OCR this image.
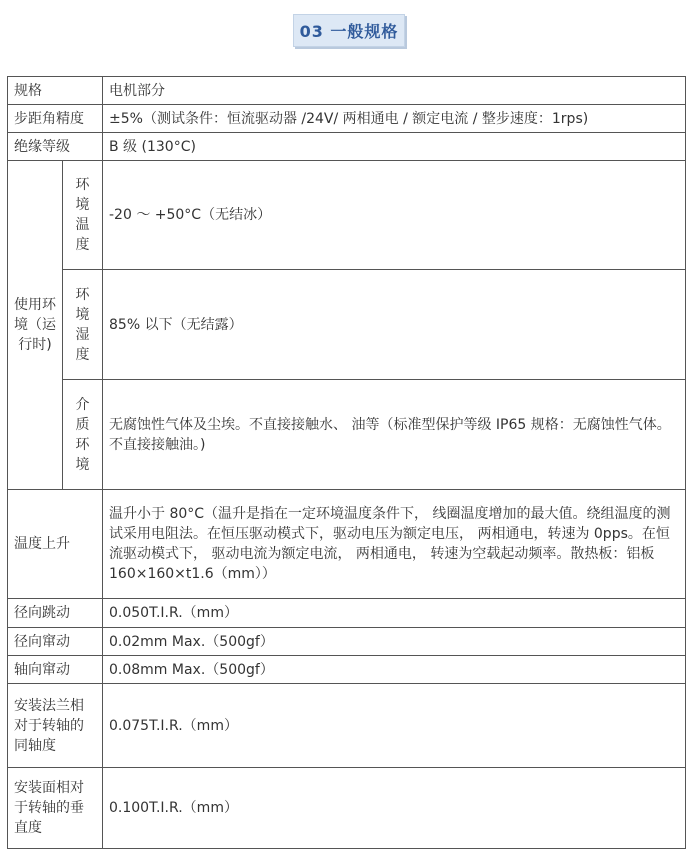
03 一般规格
规格		电机部分
步距角精度		±5%（测试条件：恒流驱动器 /24V/ 两相通电 / 额定电流 / 整步速度：1rps)
绝缘等级		B 级 (130°C)
使用环境（运行时)	环境温度	-20 ～ +50°C（无结冰）
	环境湿度	85% 以下（无结露）
	介质环境	无腐蚀性气体及尘埃。不直接接触水、 油等（标准型保护等级 IP65 规格：无腐蚀性气体。不直接接触油。)
温度上升		温升小于 80°C（温升是指在一定环境温度条件下， 线圈温度增加的最大值。绕组温度的测试采用电阻法。在恒压驱动模式下，驱动电压为额定电压， 两相通电，转速为 0pps。在恒流驱动模式下， 驱动电流为额定电流， 两相通电， 转速为空载起动频率。散热板：铝板 160×160×t1.6（mm））
径向跳动		0.050T.I.R.（mm）
径向窜动		0.02mm Max.（500gf）
轴向窜动		0.08mm Max.（500gf）
安装法兰相对于转轴的同轴度		0.075T.I.R.（mm）
安装面相对于转轴的垂直度		0.100T.I.R.（mm）
